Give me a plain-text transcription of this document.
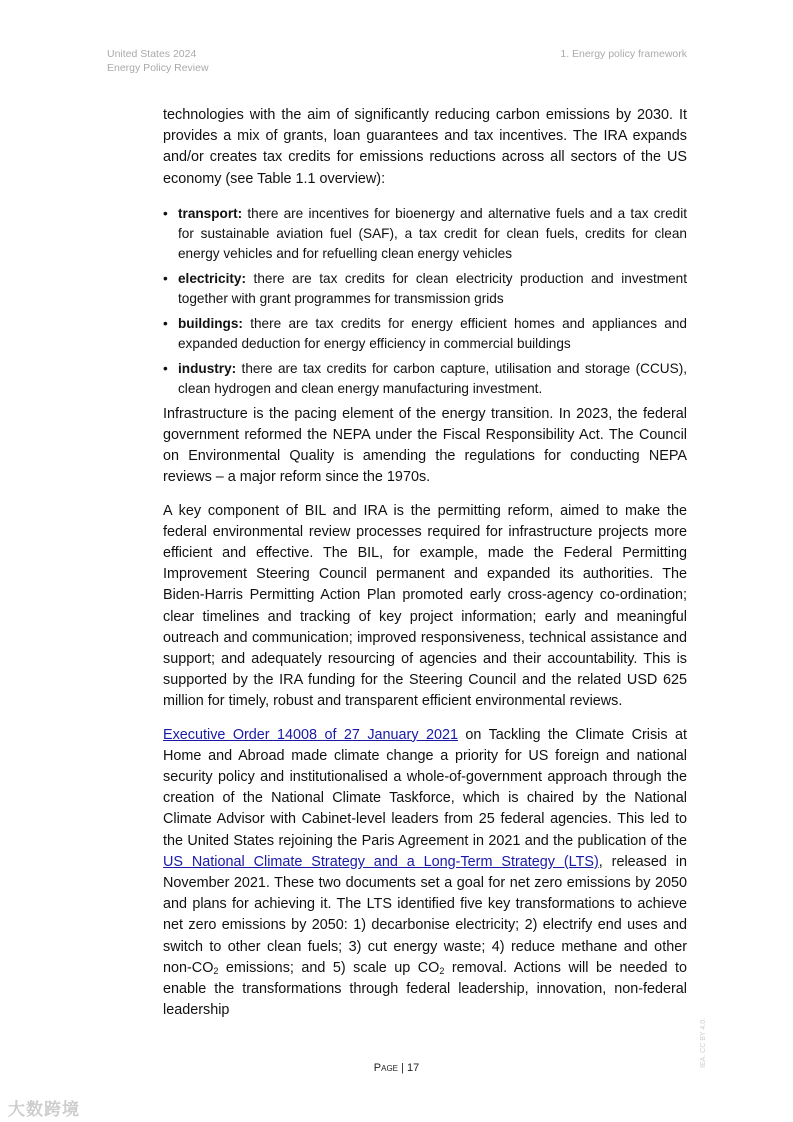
United States 2024
Energy Policy Review
1. Energy policy framework

technologies with the aim of significantly reducing carbon emissions by 2030. It provides a mix of grants, loan guarantees and tax incentives. The IRA expands and/or creates tax credits for emissions reductions across all sectors of the US economy (see Table 1.1 overview):

• transport: there are incentives for bioenergy and alternative fuels and a tax credit for sustainable aviation fuel (SAF), a tax credit for clean fuels, credits for clean energy vehicles and for refuelling clean energy vehicles
• electricity: there are tax credits for clean electricity production and investment together with grant programmes for transmission grids
• buildings: there are tax credits for energy efficient homes and appliances and expanded deduction for energy efficiency in commercial buildings
• industry: there are tax credits for carbon capture, utilisation and storage (CCUS), clean hydrogen and clean energy manufacturing investment.

Infrastructure is the pacing element of the energy transition. In 2023, the federal government reformed the NEPA under the Fiscal Responsibility Act. The Council on Environmental Quality is amending the regulations for conducting NEPA reviews – a major reform since the 1970s.

A key component of BIL and IRA is the permitting reform, aimed to make the federal environmental review processes required for infrastructure projects more efficient and effective. The BIL, for example, made the Federal Permitting Improvement Steering Council permanent and expanded its authorities. The Biden-Harris Permitting Action Plan promoted early cross-agency co-ordination; clear timelines and tracking of key project information; early and meaningful outreach and communication; improved responsiveness, technical assistance and support; and adequately resourcing of agencies and their accountability. This is supported by the IRA funding for the Steering Council and the related USD 625 million for timely, robust and transparent efficient environmental reviews.

Executive Order 14008 of 27 January 2021 on Tackling the Climate Crisis at Home and Abroad made climate change a priority for US foreign and national security policy and institutionalised a whole-of-government approach through the creation of the National Climate Taskforce, which is chaired by the National Climate Advisor with Cabinet-level leaders from 25 federal agencies. This led to the United States rejoining the Paris Agreement in 2021 and the publication of the US National Climate Strategy and a Long-Term Strategy (LTS), released in November 2021. These two documents set a goal for net zero emissions by 2050 and plans for achieving it. The LTS identified five key transformations to achieve net zero emissions by 2050: 1) decarbonise electricity; 2) electrify end uses and switch to other clean fuels; 3) cut energy waste; 4) reduce methane and other non-$CO_2$ emissions; and 5) scale up $CO_2$ removal. Actions will be needed to enable the transformations through federal leadership, innovation, non-federal leadership

Page | 17	IEA. CC BY 4.0.
大数跨境
